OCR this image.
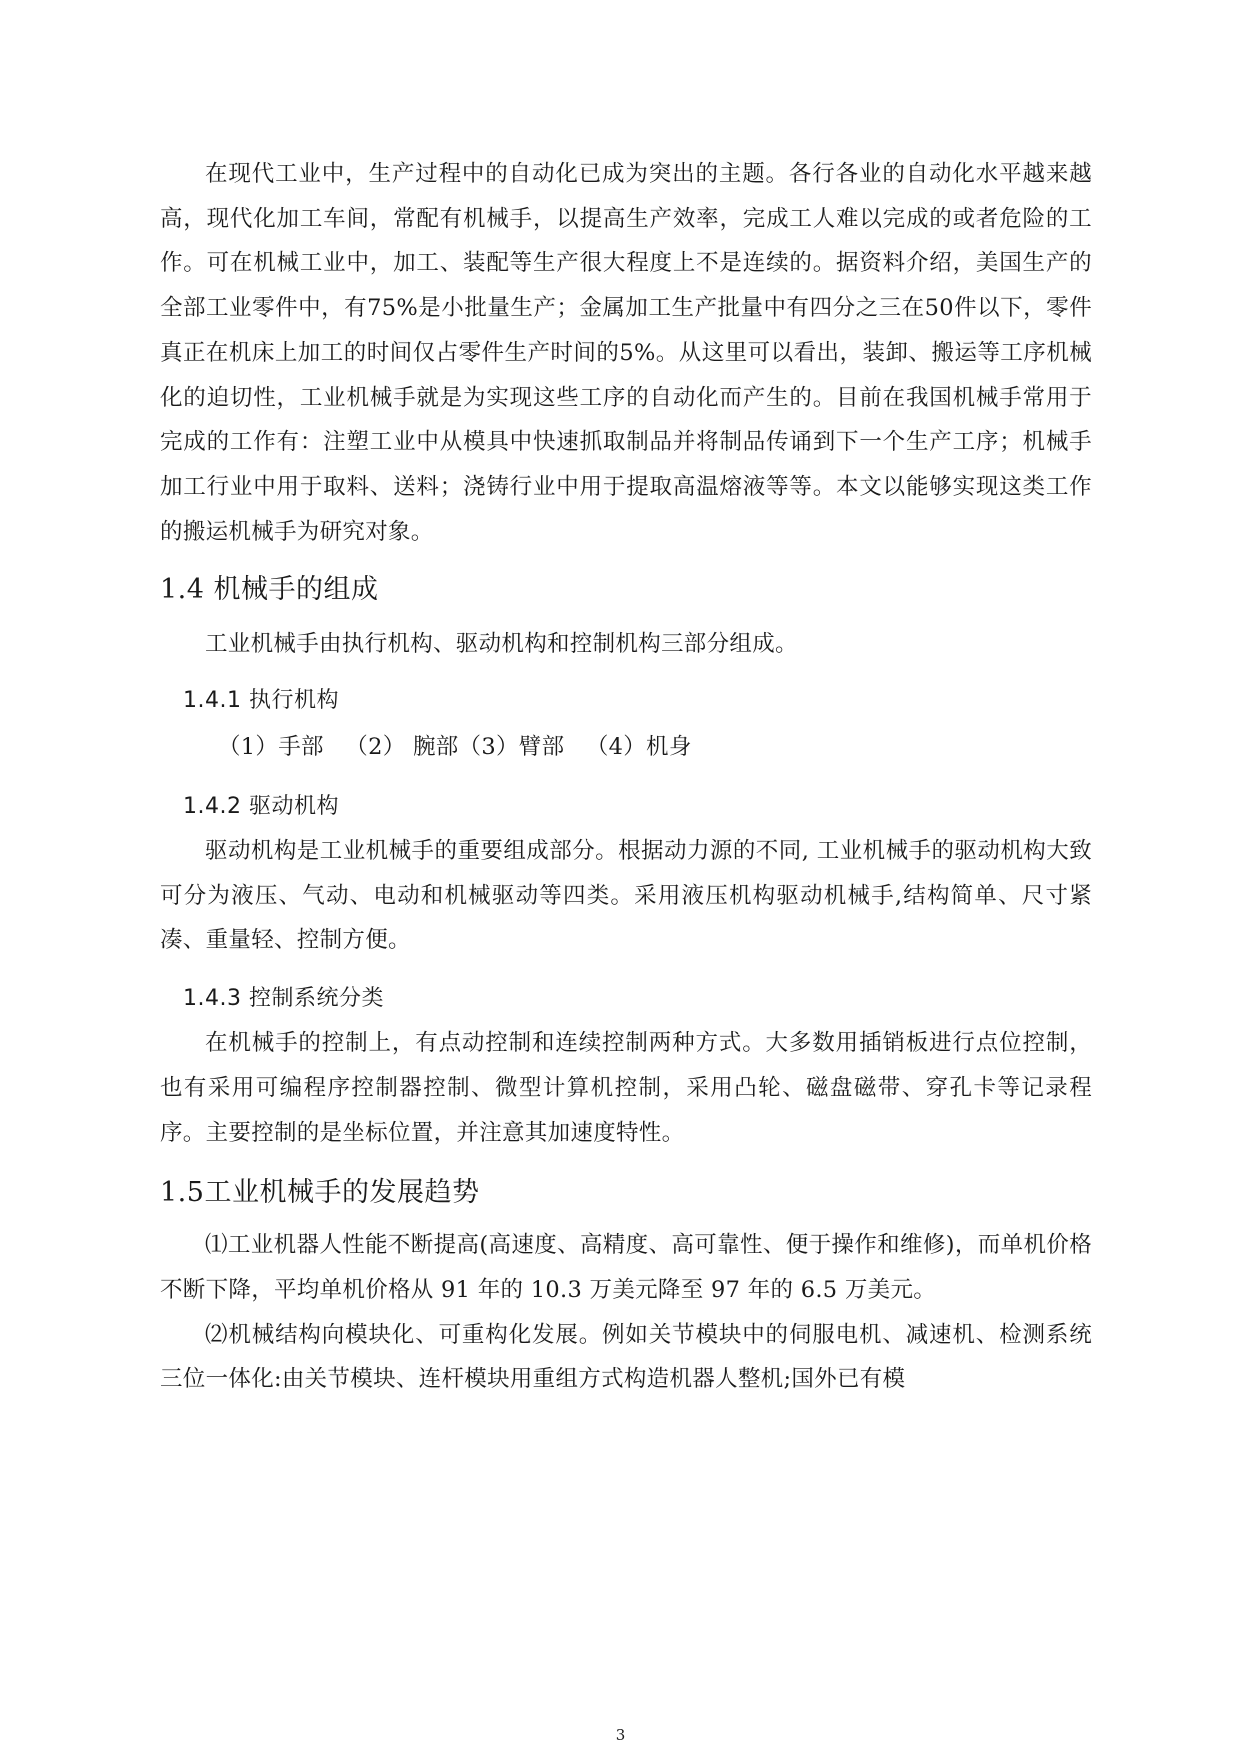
在现代工业中，生产过程中的自动化已成为突出的主题。各行各业的自动化水平越来越高，现代化加工车间，常配有机械手，以提高生产效率，完成工人难以完成的或者危险的工作。可在机械工业中，加工、装配等生产很大程度上不是连续的。据资料介绍，美国生产的全部工业零件中，有75%是小批量生产；金属加工生产批量中有四分之三在50件以下，零件真正在机床上加工的时间仅占零件生产时间的5%。从这里可以看出，装卸、搬运等工序机械化的迫切性，工业机械手就是为实现这些工序的自动化而产生的。目前在我国机械手常用于完成的工作有：注塑工业中从模具中快速抓取制品并将制品传诵到下一个生产工序；机械手加工行业中用于取料、送料；浇铸行业中用于提取高温熔液等等。本文以能够实现这类工作的搬运机械手为研究对象。

1.4 机械手的组成

工业机械手由执行机构、驱动机构和控制机构三部分组成。

1.4.1 执行机构

（1）手部 （2） 腕部（3）臂部 （4）机身

1.4.2 驱动机构

驱动机构是工业机械手的重要组成部分。根据动力源的不同, 工业机械手的驱动机构大致可分为液压、气动、电动和机械驱动等四类。采用液压机构驱动机械手,结构简单、尺寸紧凑、重量轻、控制方便。

1.4.3 控制系统分类

在机械手的控制上，有点动控制和连续控制两种方式。大多数用插销板进行点位控制，也有采用可编程序控制器控制、微型计算机控制，采用凸轮、磁盘磁带、穿孔卡等记录程序。主要控制的是坐标位置，并注意其加速度特性。

1.5工业机械手的发展趋势

⑴工业机器人性能不断提高(高速度、高精度、高可靠性、便于操作和维修)，而单机价格不断下降，平均单机价格从 91 年的 10.3 万美元降至 97 年的 6.5 万美元。

⑵机械结构向模块化、可重构化发展。例如关节模块中的伺服电机、减速机、检测系统三位一体化:由关节模块、连杆模块用重组方式构造机器人整机;国外已有模

3
